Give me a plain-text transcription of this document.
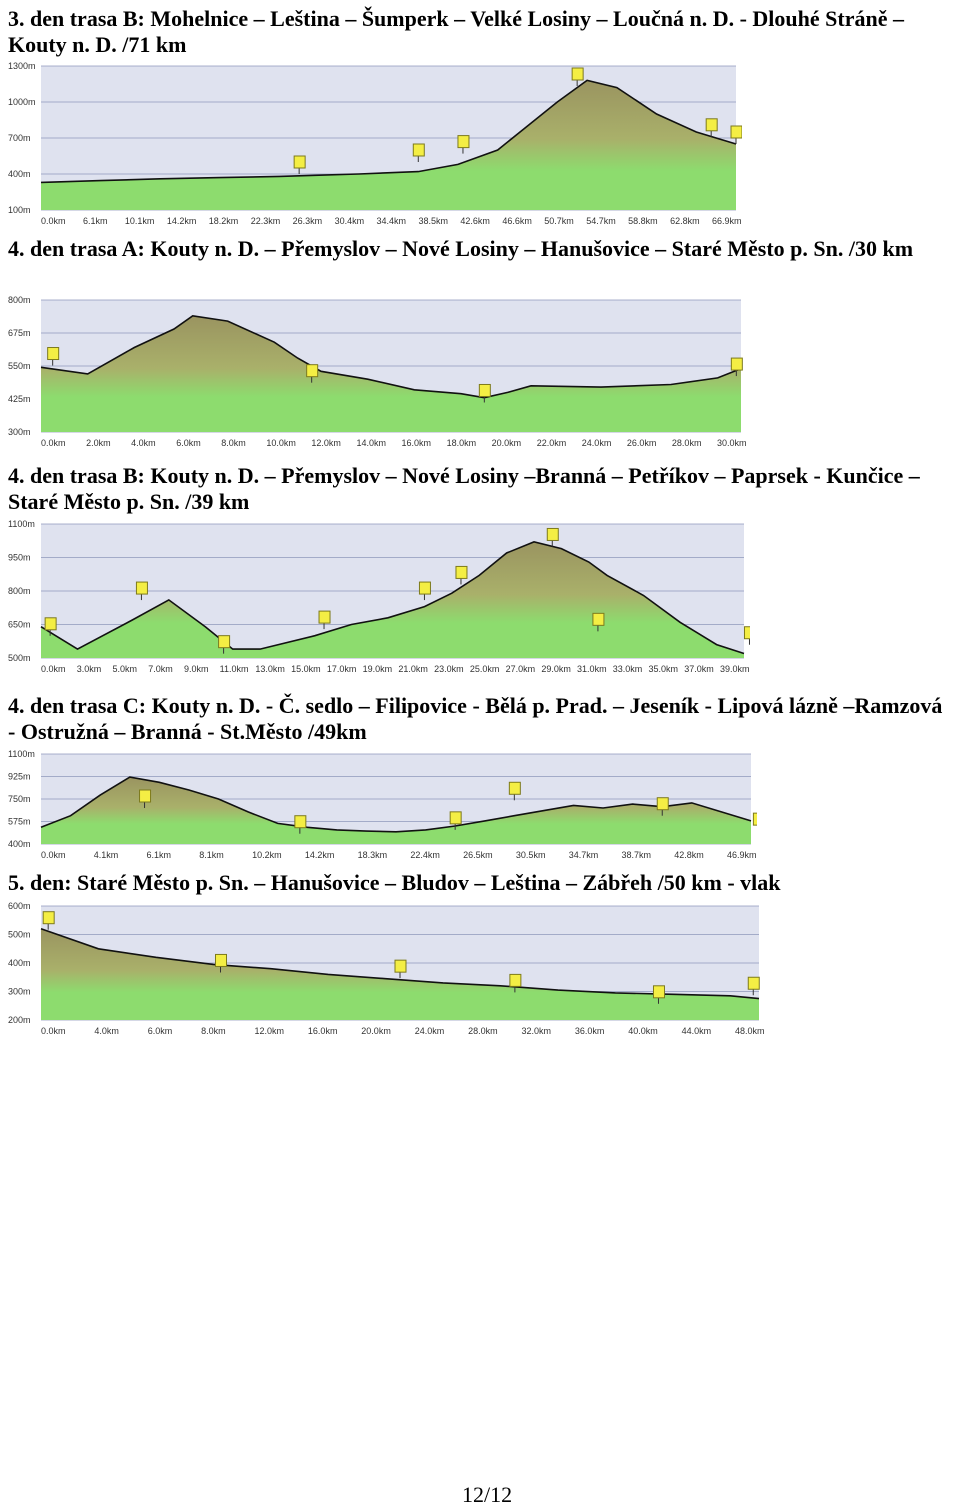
3. den trasa B: Mohelnice – Leština – Šumperk – Velké Losiny – Loučná n. D. - Dlouhé Stráně – Kouty n. D. /71 km
1300m
1000m
700m
400m
100m
0.0km 6.1km 10.1km 14.2km 18.2km 22.3km 26.3km 30.4km 34.4km 38.5km 42.6km 46.6km 50.7km 54.7km 58.8km 62.8km 66.9km
4. den trasa A: Kouty n. D. – Přemyslov – Nové Losiny – Hanušovice – Staré Město p. Sn. /30 km
800m
675m
550m
425m
300m
0.0km 2.0km 4.0km 6.0km 8.0km 10.0km 12.0km 14.0km 16.0km 18.0km 20.0km 22.0km 24.0km 26.0km 28.0km 30.0km
4. den trasa B: Kouty n. D. – Přemyslov – Nové Losiny –Branná – Petříkov – Paprsek - Kunčice – Staré Město p. Sn. /39 km
1100m
950m
800m
650m
500m
0.0km 3.0km 5.0km 7.0km 9.0km 11.0km 13.0km 15.0km 17.0km 19.0km 21.0km 23.0km 25.0km 27.0km 29.0km 31.0km 33.0km 35.0km 37.0km 39.0km
4. den trasa C: Kouty n. D. - Č. sedlo – Filipovice - Bělá p. Prad. – Jeseník - Lipová lázně –Ramzová - Ostružná – Branná - St.Město /49km
1100m
925m
750m
575m
400m
0.0km	4.1km	6.1km	8.1km	10.2km	14.2km	18.3km	22.4km	26.5km	30.5km	34.7km	38.7km	42.8km	46.9km
5. den: Staré Město p. Sn. – Hanušovice – Bludov – Leština – Zábřeh /50 km - vlak
600m
500m
400m
300m
200m
0.0km	4.0km	6.0km	8.0km	12.0km	16.0km	20.0km	24.0km	28.0km	32.0km	36.0km	40.0km	44.0km	48.0km
12/12
